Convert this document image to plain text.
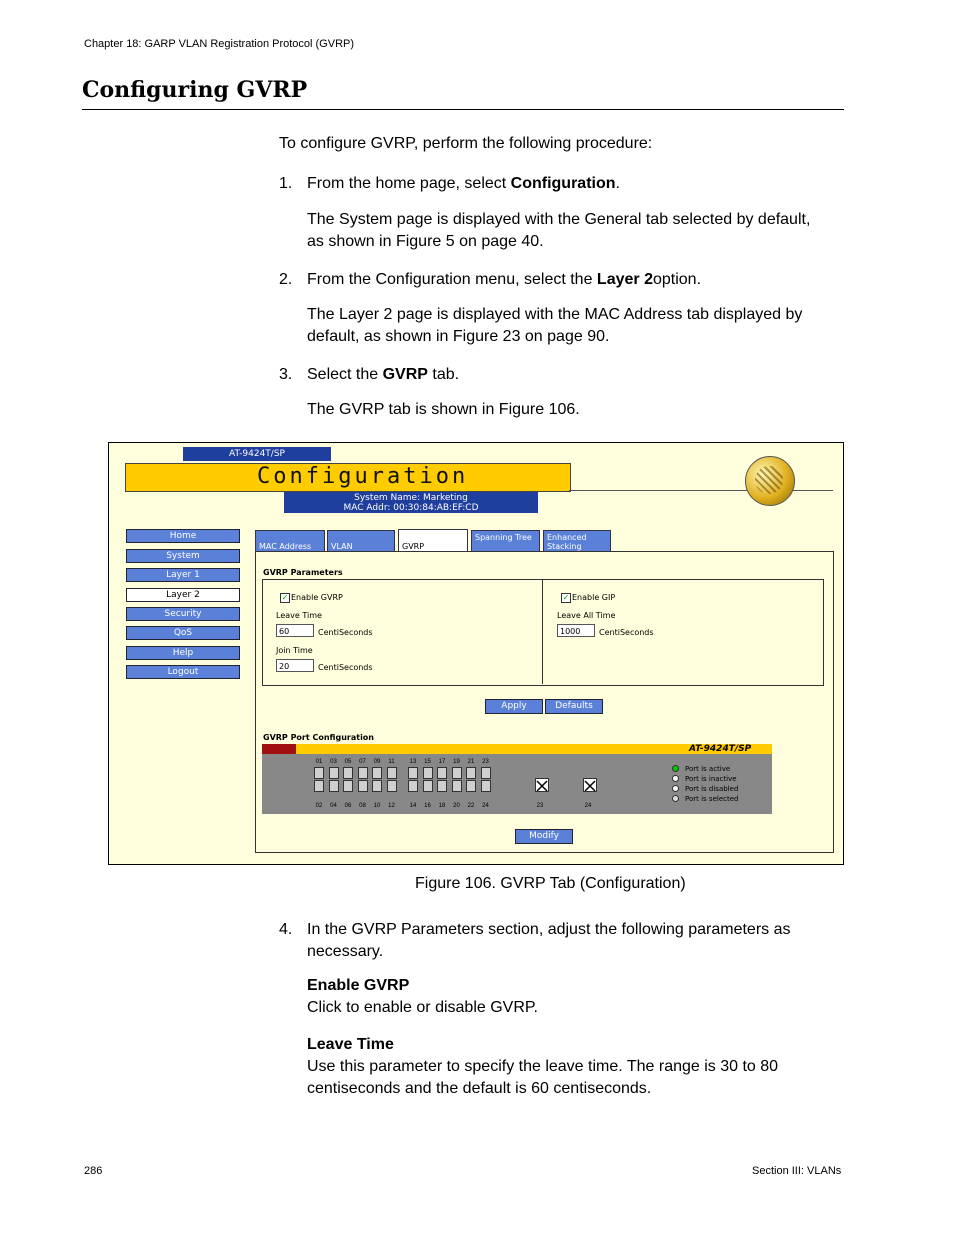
Chapter 18: GARP VLAN Registration Protocol (GVRP)
Configuring GVRP
To configure GVRP, perform the following procedure:
1. From the home page, select Configuration.
The System page is displayed with the General tab selected by default, as shown in Figure 5 on page 40.
2. From the Configuration menu, select the Layer 2option.
The Layer 2 page is displayed with the MAC Address tab displayed by default, as shown in Figure 23 on page 90.
3. Select the GVRP tab.
The GVRP tab is shown in Figure 106.
AT-9424T/SP
Configuration
System Name: Marketing
MAC Addr: 00:30:84:AB:EF:CD
Home
System
Layer 1
Layer 2
Security
QoS
Help
Logout
MAC Address	VLAN	GVRP
Spanning Tree	Enhanced Stacking
GVRP Parameters
✓ Enable GVRP
Leave Time
60	CentiSeconds
Join Time
20	CentiSeconds
✓ Enable GIP
Leave All Time
1000	CentiSeconds
Apply	Defaults
GVRP Port Configuration
AT-9424T/SP
01	03	05	07	09	11	13	15	17	19	21	23
02	04	06	08	10	12	14	16	18	20	22	24	23	24
Port is active
Port is inactive
Port is disabled
Port is selected
Modify
Figure 106. GVRP Tab (Configuration)
4. In the GVRP Parameters section, adjust the following parameters as necessary.
Enable GVRP
Click to enable or disable GVRP.
Leave Time
Use this parameter to specify the leave time. The range is 30 to 80 centiseconds and the default is 60 centiseconds.
286	Section III: VLANs
